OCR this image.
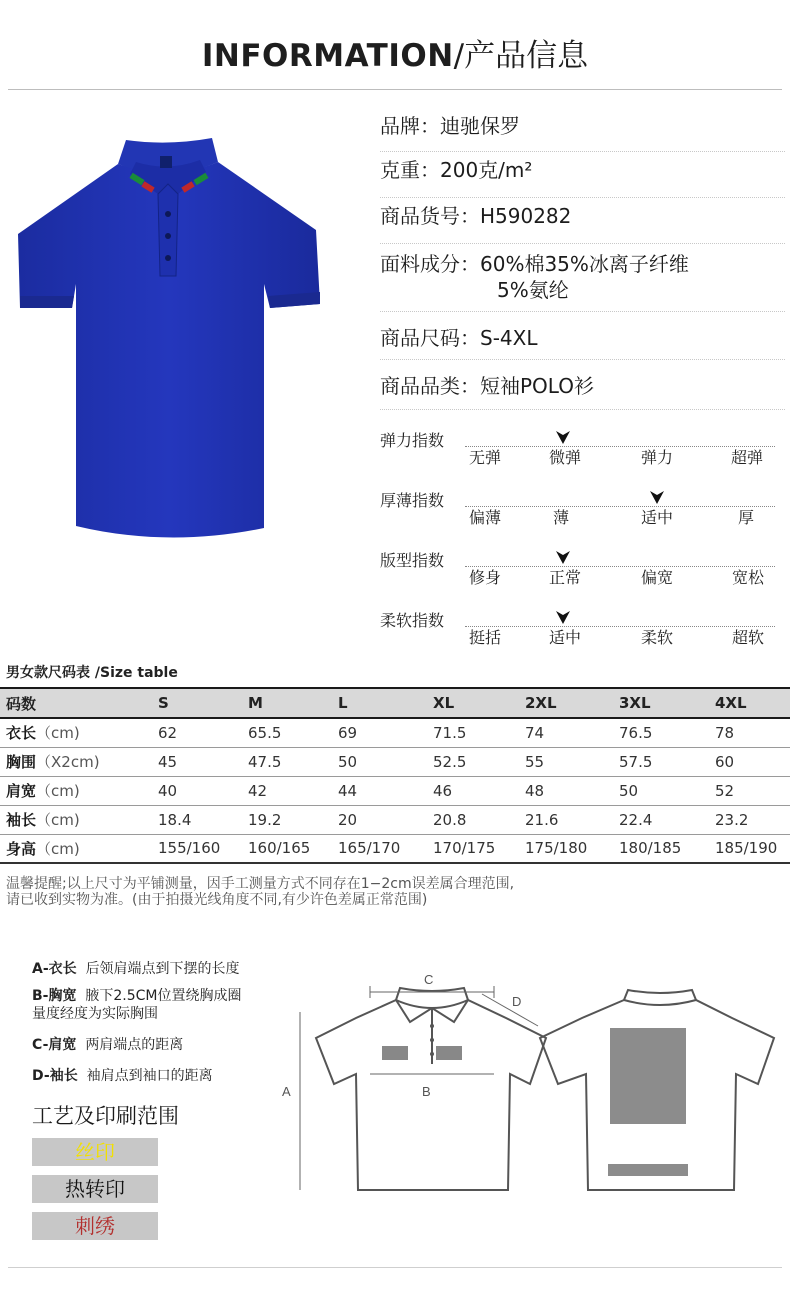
INFORMATION/产品信息
品牌：迪驰保罗
克重：200克/m²
商品货号：H590282
面料成分：60%棉35%冰离子纤维
5%氨纶
商品尺码：S-4XL
商品品类：短袖POLO衫
弹力指数
无弹	微弹	弹力	超弹
厚薄指数
偏薄	薄	适中	厚
版型指数
修身	正常	偏宽	宽松
柔软指数
挺括	适中	柔软	超软
男女款尺码表 /Size table
码数	S	M	L	XL	2XL	3XL	4XL
衣长（cm)	62	65.5	69	71.5	74	76.5	78
胸围（X2cm)	45	47.5	50	52.5	55	57.5	60
肩宽（cm)	40	42	44	46	48	50	52
袖长（cm)	18.4	19.2	20	20.8	21.6	22.4	23.2
身高（cm)	155/160	160/165	165/170	170/175	175/180	180/185	185/190
温馨提醒;以上尺寸为平铺测量，因手工测量方式不同存在1−2cm误差属合理范围,
请已收到实物为准。(由于拍摄光线角度不同,有少许色差属正常范围)
A-衣长 后领肩端点到下摆的长度
B-胸宽 腋下2.5CM位置绕胸成圈
量度经度为实际胸围
C-肩宽 两肩端点的距离
D-袖长 袖肩点到袖口的距离
工艺及印刷范围
丝印
热转印
刺绣
C
B
A
D
